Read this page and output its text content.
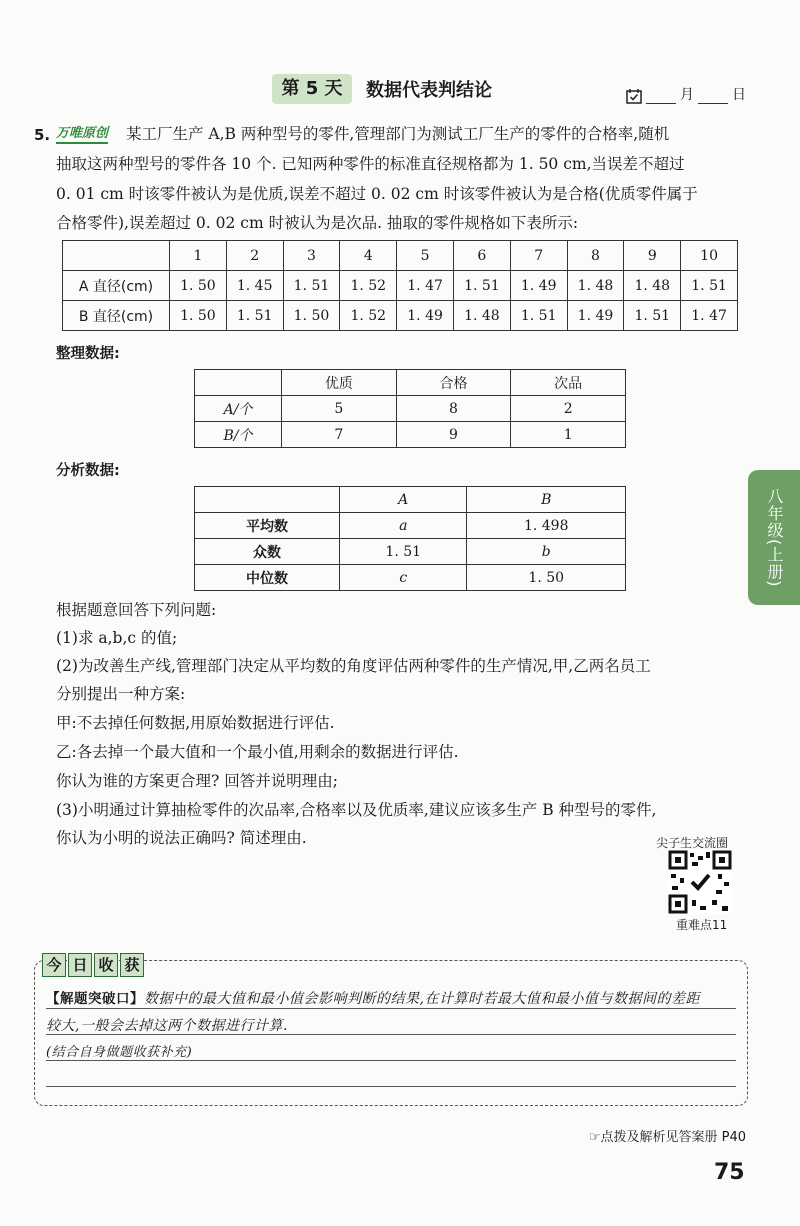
第 5 天	数据代表判结论	月	日
5. 万唯原创 某工厂生产 A,B 两种型号的零件,管理部门为测试工厂生产的零件的合格率,随机
抽取这两种型号的零件各 10 个. 已知两种零件的标准直径规格都为 1. 50 cm,当误差不超过
0. 01 cm 时该零件被认为是优质,误差不超过 0. 02 cm 时该零件被认为是合格(优质零件属于
合格零件),误差超过 0. 02 cm 时被认为是次品. 抽取的零件规格如下表所示:
	1	2	3	4	5	6	7	8	9	10
A 直径(cm)	1. 50	1. 45	1. 51	1. 52	1. 47	1. 51	1. 49	1. 48	1. 48	1. 51
B 直径(cm)	1. 50	1. 51	1. 50	1. 52	1. 49	1. 48	1. 51	1. 49	1. 51	1. 47
整理数据:
	优质	合格	次品
A/个	5	8	2
B/个	7	9	1
分析数据:
	A	B
平均数	a	1. 498
众数	1. 51	b
中位数	c	1. 50
根据题意回答下列问题:
(1)求 a,b,c 的值;
(2)为改善生产线,管理部门决定从平均数的角度评估两种零件的生产情况,甲,乙两名员工
分别提出一种方案:
甲:不去掉任何数据,用原始数据进行评估.
乙:各去掉一个最大值和一个最小值,用剩余的数据进行评估.
你认为谁的方案更合理? 回答并说明理由;
(3)小明通过计算抽检零件的次品率,合格率以及优质率,建议应该多生产 B 种型号的零件,
你认为小明的说法正确吗? 简述理由.	尖子生交流圈
重难点11
八年级(上册)
今 日 收 获
【解题突破口】数据中的最大值和最小值会影响判断的结果,在计算时若最大值和最小值与数据间的差距
较大,一般会去掉这两个数据进行计算.
(结合自身做题收获补充)
☞点拨及解析见答案册 P40
75
